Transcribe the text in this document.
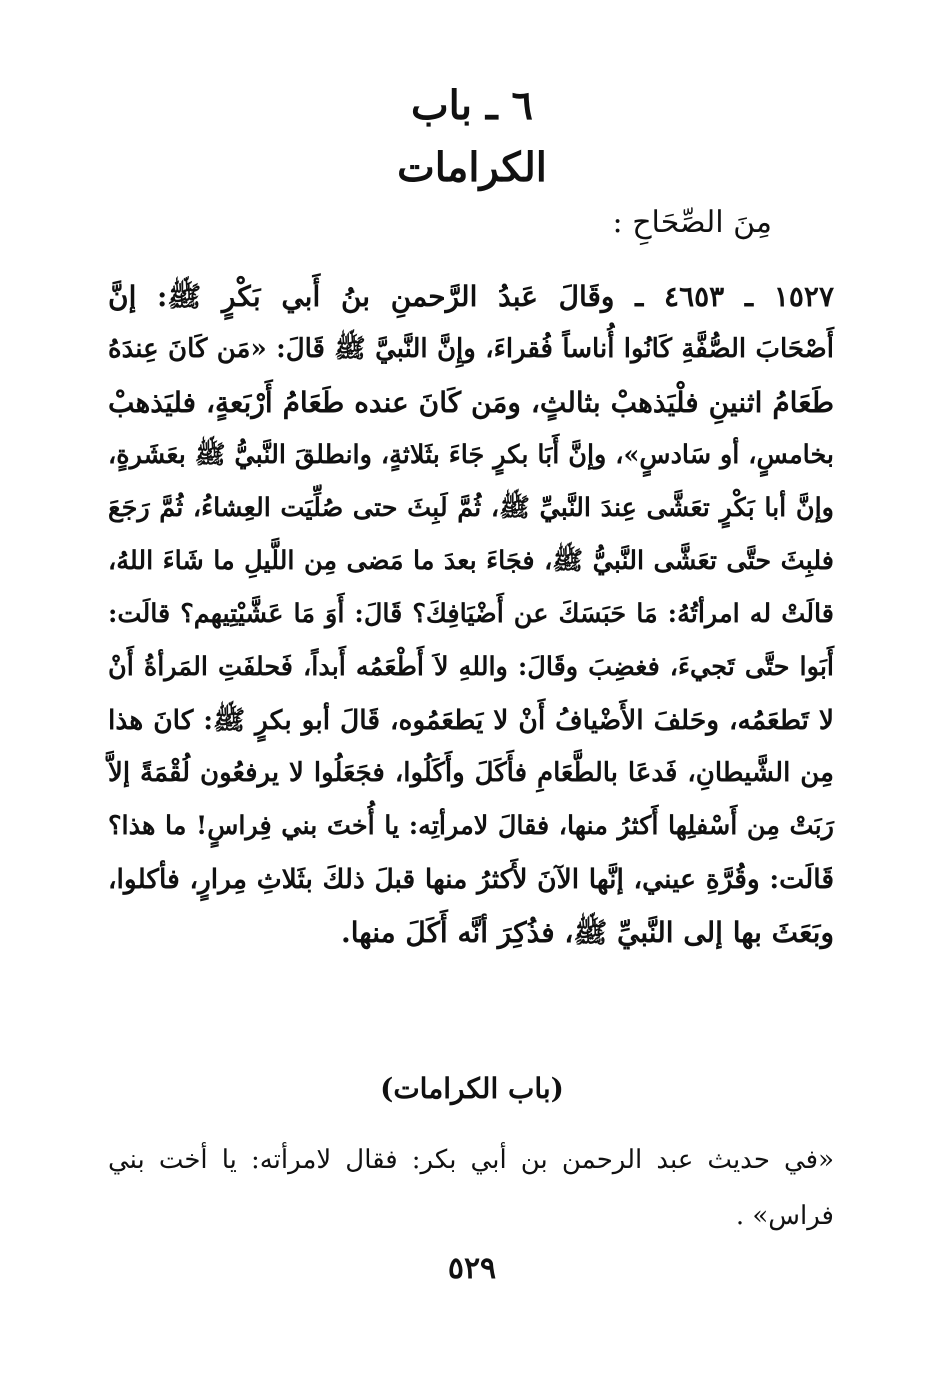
٦ ـ باب
الكرامات
مِنَ الصِّحَاحِ :
١٥٢٧ ـ ٤٦٥٣ ـ وقَالَ عَبدُ الرَّحمنِ بنُ أَبي بَكْرٍ ﷺ: إنَّ
أَصْحَابَ الصُّفَّةِ كَانُوا أُناساً فُقراءَ، وإِنَّ النَّبيَّ ﷺ قَالَ: «مَن كَانَ عِندَهُ
طَعَامُ اثنينِ فلْيَذهبْ بثالثٍ، ومَن كَانَ عنده طَعَامُ أَرْبَعةٍ، فليَذهبْ
بخامسٍ، أو سَادسٍ»، وإنَّ أَبَا بكرٍ جَاءَ بثَلاثةٍ، وانطلقَ النَّبيُّ ﷺ بعَشَرةٍ،
وإنَّ أبا بَكْرٍ تعَشَّى عِندَ النَّبيِّ ﷺ، ثُمَّ لَبِثَ حتى صُلِّيَت العِشاءُ، ثُمَّ رَجَعَ
فلبِثَ حتَّى تعَشَّى النَّبيُّ ﷺ، فجَاءَ بعدَ ما مَضى مِن اللَّيلِ ما شَاءَ اللهُ،
قالَتْ له امرأتُهُ: مَا حَبَسَكَ عن أَضْيَافِكَ؟ قَالَ: أَوَ مَا عَشَّيْتِيهم؟ قالَت:
أَبَوا حتَّى تَجيءَ، فغضِبَ وقَالَ: واللهِ لاَ أَطْعَمُه أَبداً، فَحلفَتِ المَرأةُ أَنْ
لا تَطعَمُه، وحَلفَ الأَضْيافُ أَنْ لا يَطعَمُوه، قَالَ أبو بكرٍ ﷺ: كانَ هذا
مِن الشَّيطانِ، فَدعَا بالطَّعَامِ فأَكَلَ وأَكَلُوا، فجَعَلُوا لا يرفعُون لُقْمَةً إلاَّ
رَبَتْ مِن أَسْفلِها أَكثرُ منها، فقالَ لامرأتِه: يا أُختَ بني فِراسٍ! ما هذا؟
قَالَت: وقُرَّةِ عيني، إنَّها الآنَ لأَكثرُ منها قبلَ ذلكَ بثَلاثِ مِرارٍ، فأكلوا،
وبَعَثَ بها إلى النَّبيِّ ﷺ، فذُكِرَ أنَّه أَكَلَ منها.
(باب الكرامات)
«في حديث عبد الرحمن بن أبي بكر: فقال لامرأته: يا أخت بني
فراس» .
٥٢٩
